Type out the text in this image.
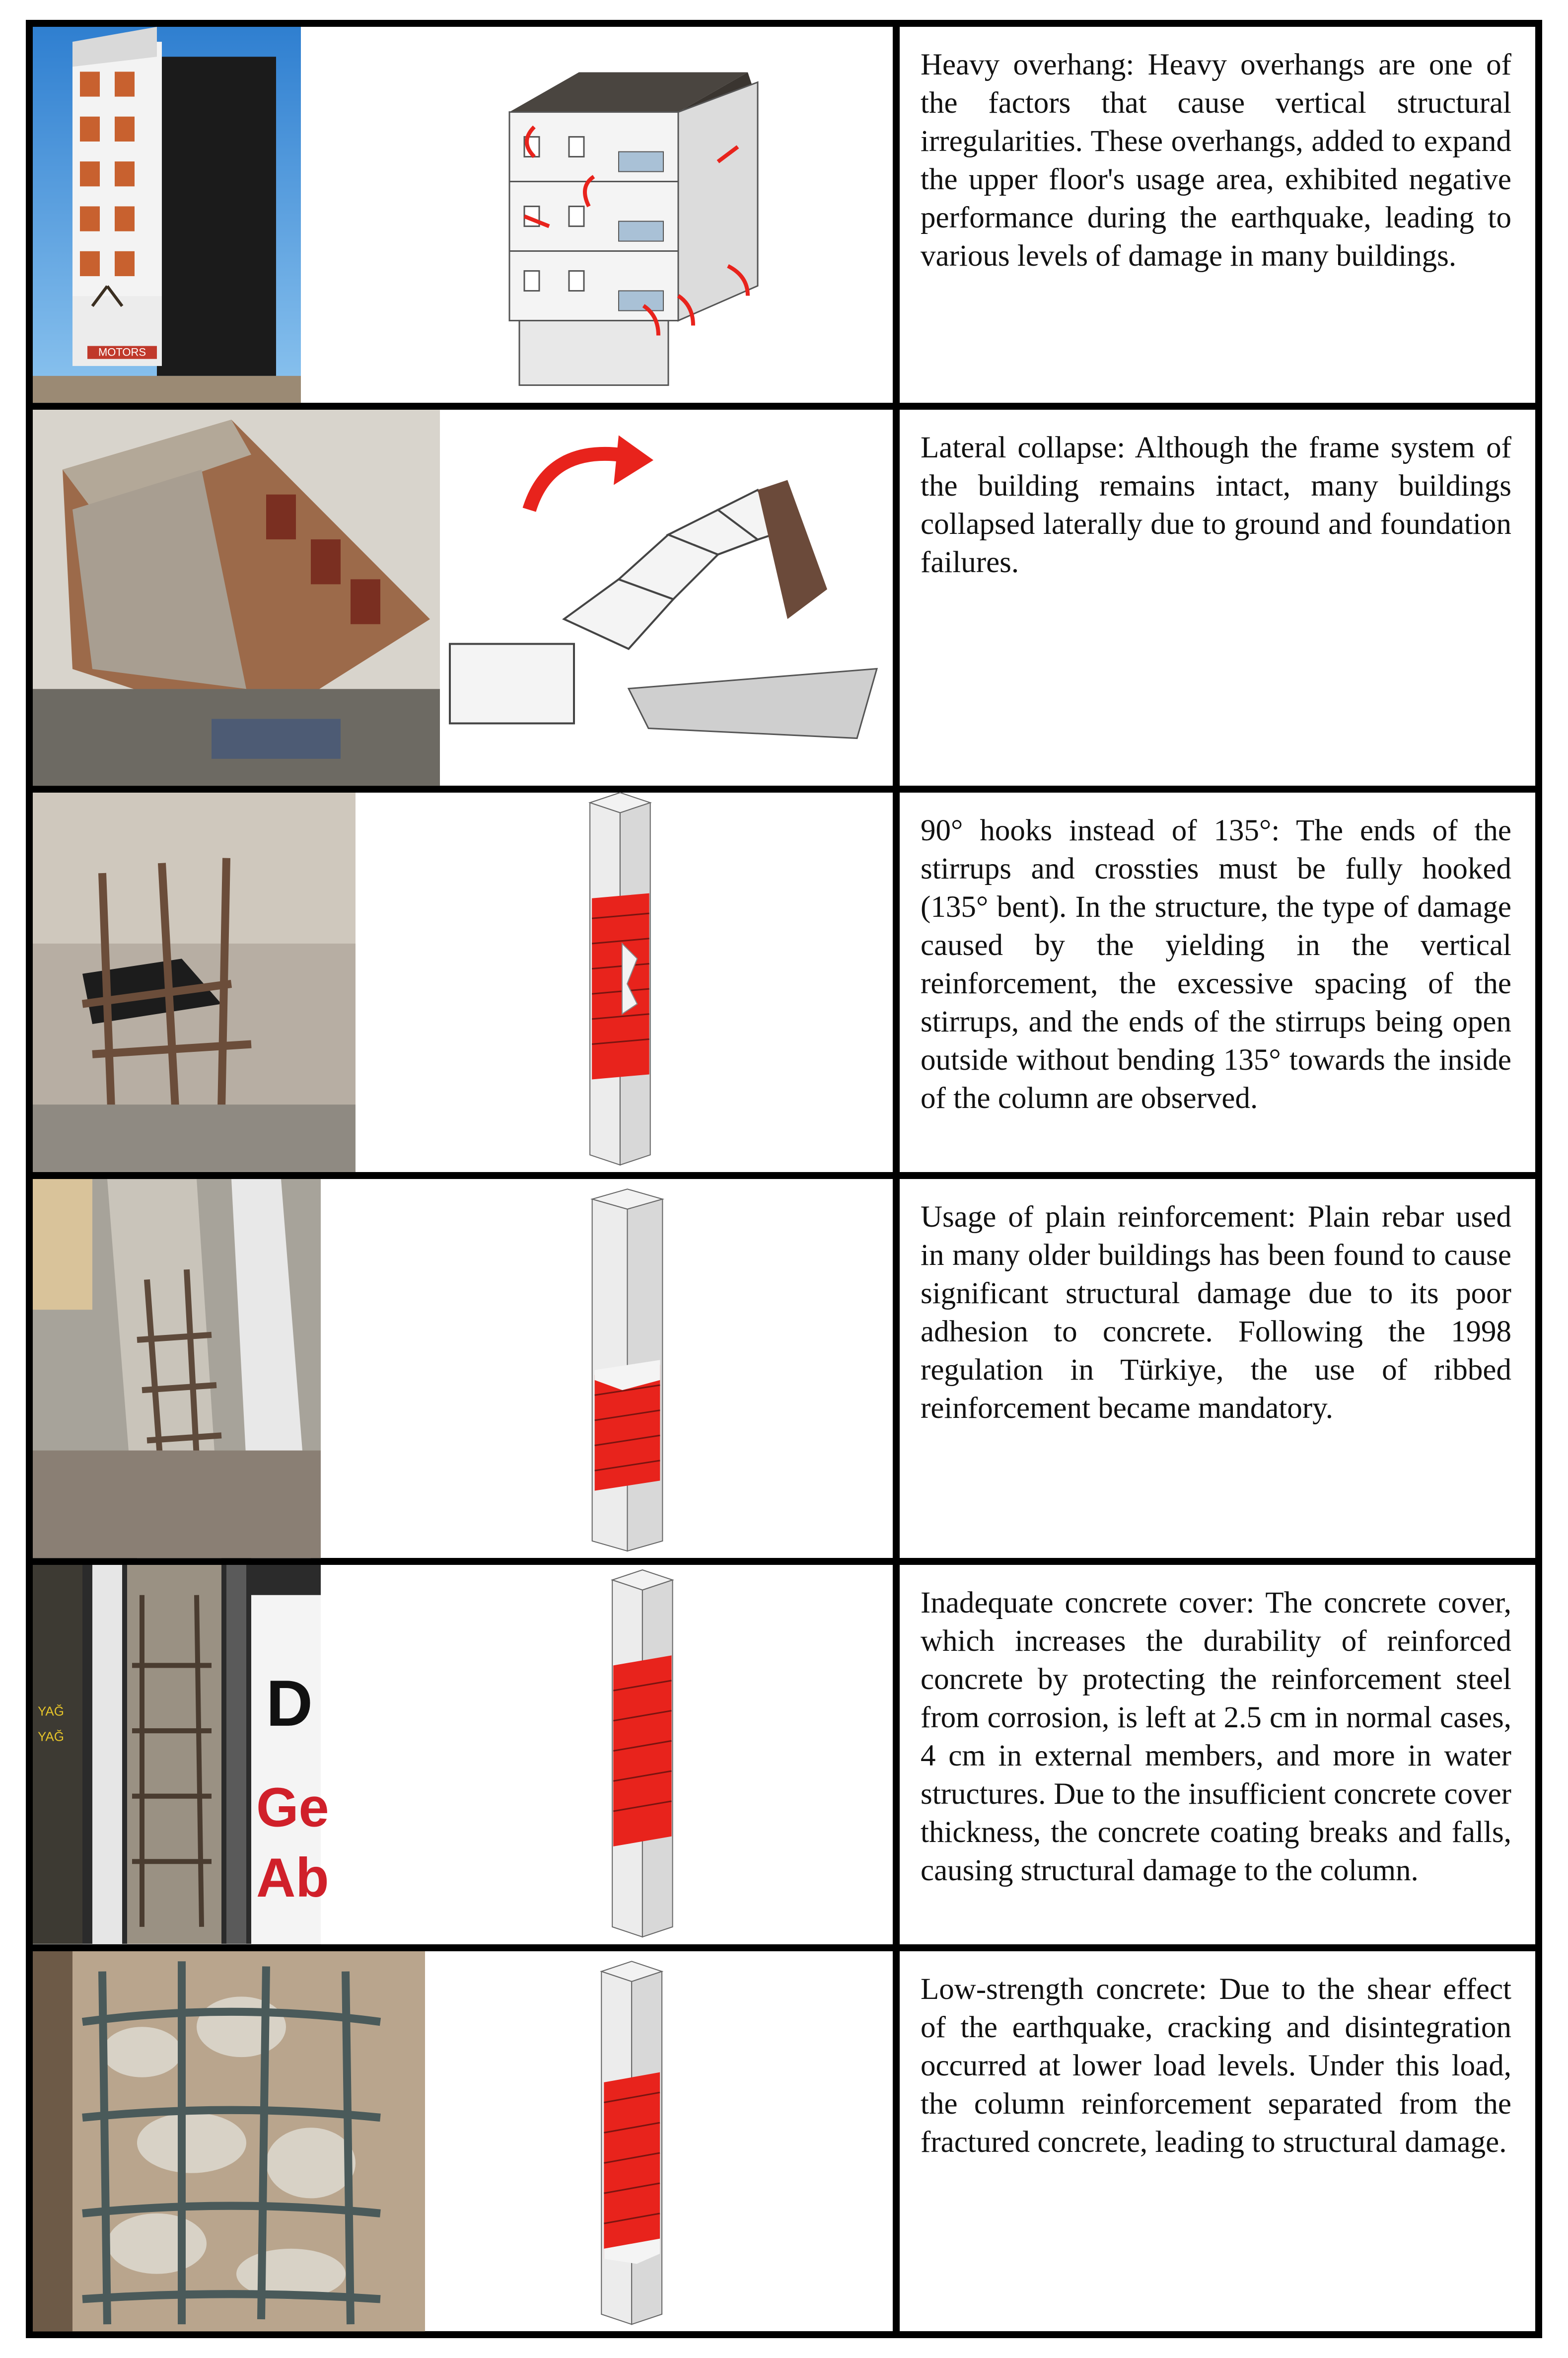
MOTORS

Heavy overhang: Heavy overhangs are one of the factors that cause vertical structural irregularities. These overhangs, added to expand the upper floor's usage area, exhibited negative performance during the earthquake, leading to various levels of damage in many buildings.

Lateral collapse: Although the frame system of the building remains intact, many buildings collapsed laterally due to ground and foundation failures.

90° hooks instead of 135°: The ends of the stirrups and crossties must be fully hooked (135° bent). In the structure, the type of damage caused by the yielding in the vertical reinforcement, the excessive spacing of the stirrups, and the ends of the stirrups being open outside without bending 135° towards the inside of the column are observed.

Usage of plain reinforcement: Plain rebar used in many older buildings has been found to cause significant structural damage due to its poor adhesion to concrete. Following the 1998 regulation in Türkiye, the use of ribbed reinforcement became mandatory.

YAĞ
YAĞ	D
Ge
Ab

Inadequate concrete cover: The concrete cover, which increases the durability of reinforced concrete by protecting the reinforcement steel from corrosion, is left at 2.5 cm in normal cases, 4 cm in external members, and more in water structures. Due to the insufficient concrete cover thickness, the concrete coating breaks and falls, causing structural damage to the column.

Low-strength concrete: Due to the shear effect of the earthquake, cracking and disintegration occurred at lower load levels. Under this load, the column reinforcement separated from the fractured concrete, leading to structural damage.
